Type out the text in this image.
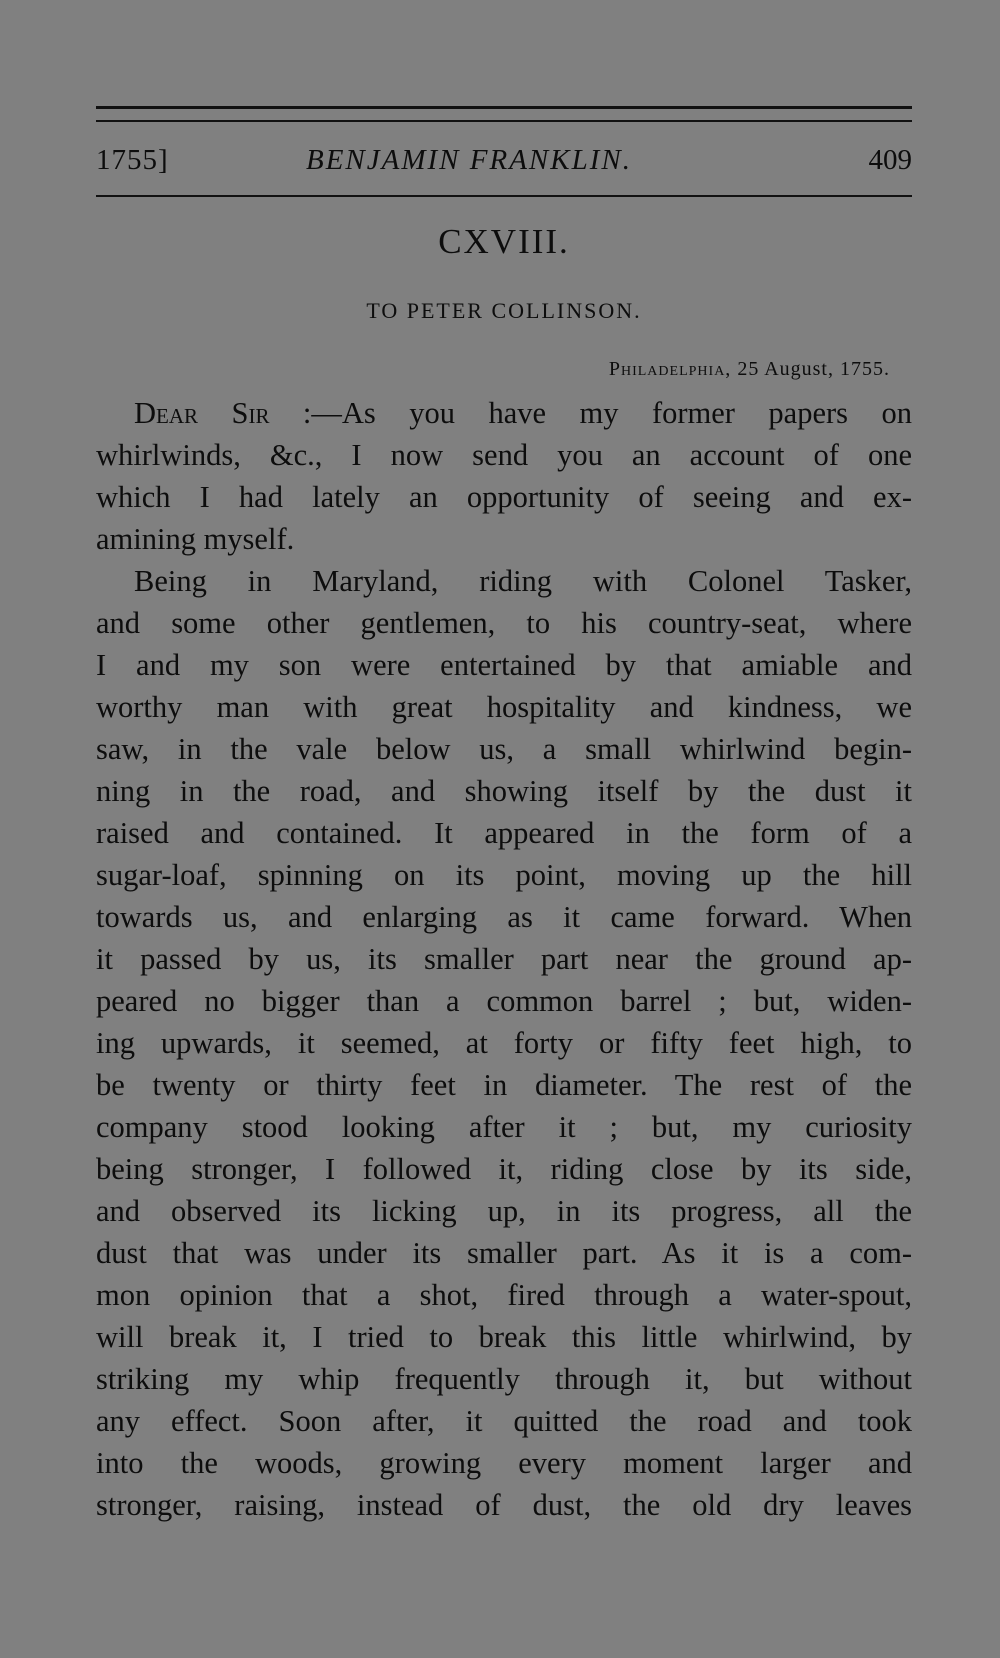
1755]	BENJAMIN FRANKLIN.	409
CXVIII.
TO PETER COLLINSON.
Philadelphia, 25 August, 1755.
Dear Sir :—As you have my former papers on
whirlwinds, &c., I now send you an account of one
which I had lately an opportunity of seeing and ex-
amining myself.
Being in Maryland, riding with Colonel Tasker,
and some other gentlemen, to his country-seat, where
I and my son were entertained by that amiable and
worthy man with great hospitality and kindness, we
saw, in the vale below us, a small whirlwind begin-
ning in the road, and showing itself by the dust it
raised and contained. It appeared in the form of a
sugar-loaf, spinning on its point, moving up the hill
towards us, and enlarging as it came forward. When
it passed by us, its smaller part near the ground ap-
peared no bigger than a common barrel ; but, widen-
ing upwards, it seemed, at forty or fifty feet high, to
be twenty or thirty feet in diameter. The rest of the
company stood looking after it ; but, my curiosity
being stronger, I followed it, riding close by its side,
and observed its licking up, in its progress, all the
dust that was under its smaller part. As it is a com-
mon opinion that a shot, fired through a water-spout,
will break it, I tried to break this little whirlwind, by
striking my whip frequently through it, but without
any effect. Soon after, it quitted the road and took
into the woods, growing every moment larger and
stronger, raising, instead of dust, the old dry leaves
